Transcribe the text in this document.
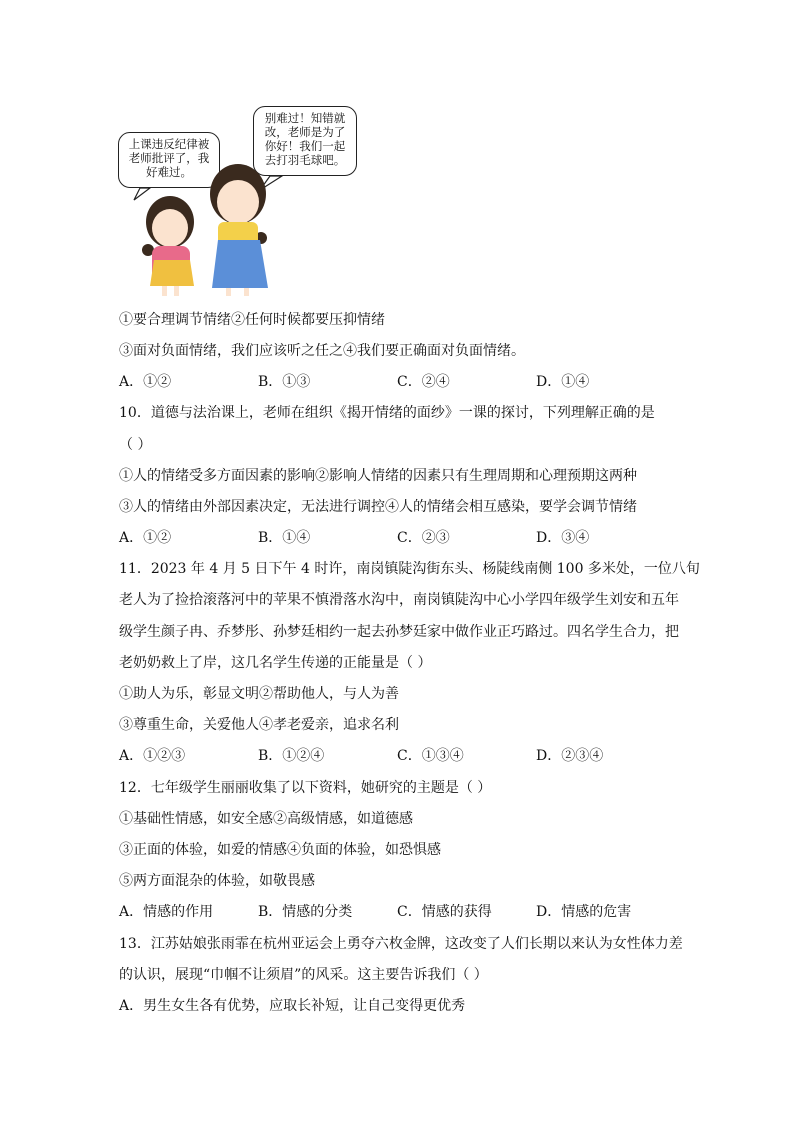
上课违反纪律被老师批评了，我好难过。
别难过！知错就改，老师是为了你好！我们一起去打羽毛球吧。
①要合理调节情绪②任何时候都要压抑情绪
③面对负面情绪，我们应该听之任之④我们要正确面对负面情绪。
A．①②	B．①③	C．②④	D．①④
10．道德与法治课上，老师在组织《揭开情绪的面纱》一课的探讨，下列理解正确的是
（ ）
①人的情绪受多方面因素的影响②影响人情绪的因素只有生理周期和心理预期这两种
③人的情绪由外部因素决定，无法进行调控④人的情绪会相互感染，要学会调节情绪
A．①②	B．①④	C．②③	D．③④
11．2023 年 4 月 5 日下午 4 时许，南岗镇陡沟街东头、杨陡线南侧 100 多米处，一位八旬
老人为了捡拾滚落河中的苹果不慎滑落水沟中，南岗镇陡沟中心小学四年级学生刘安和五年
级学生颜子冉、乔梦彤、孙梦廷相约一起去孙梦廷家中做作业正巧路过。四名学生合力，把
老奶奶救上了岸，这几名学生传递的正能量是（ ）
①助人为乐，彰显文明②帮助他人，与人为善
③尊重生命，关爱他人④孝老爱亲，追求名利
A．①②③	B．①②④	C．①③④	D．②③④
12．七年级学生丽丽收集了以下资料，她研究的主题是（ ）
①基础性情感，如安全感②高级情感，如道德感
③正面的体验，如爱的情感④负面的体验，如恐惧感
⑤两方面混杂的体验，如敬畏感
A．情感的作用	B．情感的分类	C．情感的获得	D．情感的危害
13．江苏姑娘张雨霏在杭州亚运会上勇夺六枚金牌，这改变了人们长期以来认为女性体力差
的认识，展现“巾帼不让须眉”的风采。这主要告诉我们（ ）
A．男生女生各有优势，应取长补短，让自己变得更优秀
